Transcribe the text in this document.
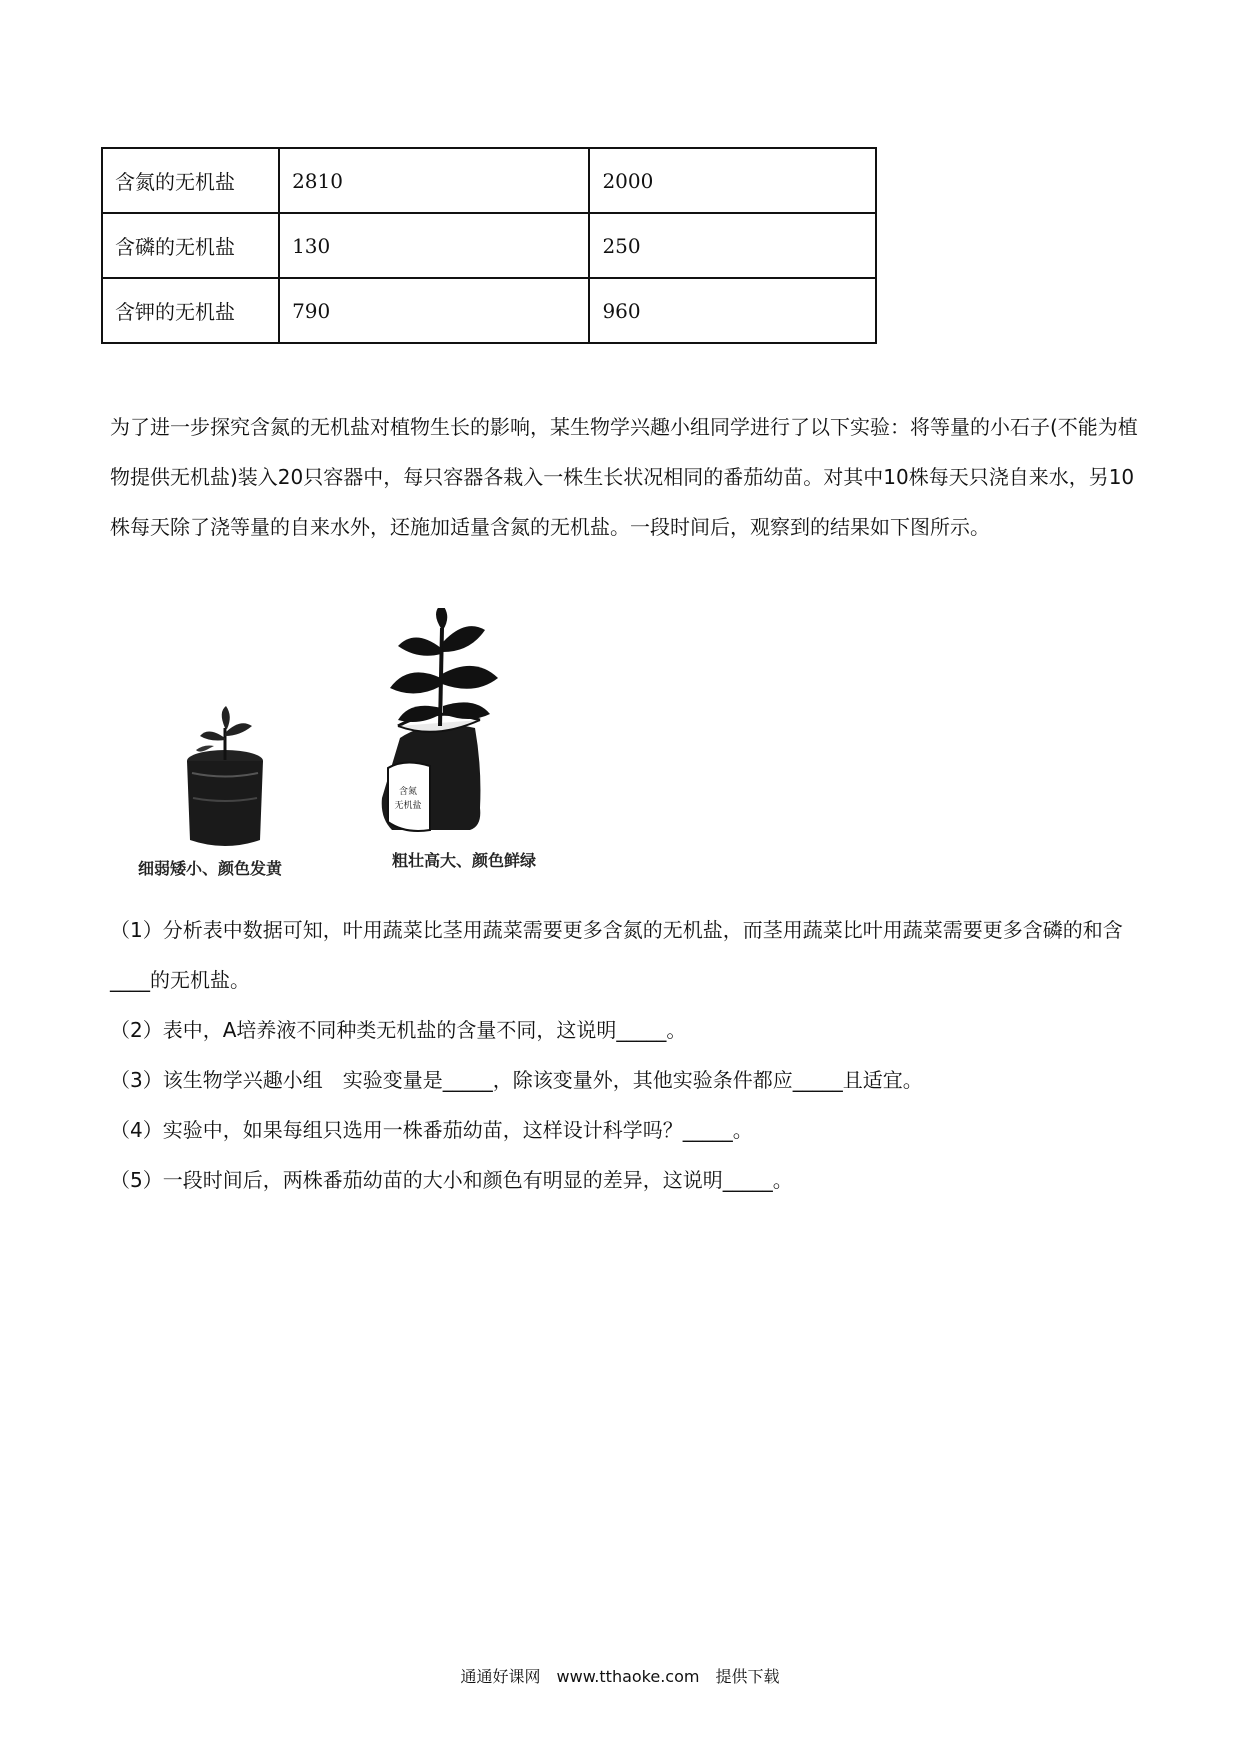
含氮的无机盐	2810	2000
含磷的无机盐	130	250
含钾的无机盐	790	960
为了进一步探究含氮的无机盐对植物生长的影响，某生物学兴趣小组同学进行了以下实验：将等量的小石子(不能为植物提供无机盐)装入20只容器中，每只容器各栽入一株生长状况相同的番茄幼苗。对其中10株每天只浇自来水，另10株每天除了浇等量的自来水外，还施加适量含氮的无机盐。一段时间后，观察到的结果如下图所示。
含氮
无机盐
细弱矮小、颜色发黄	粗壮高大、颜色鲜绿
（1）分析表中数据可知，叶用蔬菜比茎用蔬菜需要更多含氮的无机盐，而茎用蔬菜比叶用蔬菜需要更多含磷的和含____的无机盐。
（2）表中，A培养液不同种类无机盐的含量不同，这说明_____。
（3）该生物学兴趣小组　实验变量是_____，除该变量外，其他实验条件都应_____且适宜。
（4）实验中，如果每组只选用一株番茄幼苗，这样设计科学吗？_____。
（5）一段时间后，两株番茄幼苗的大小和颜色有明显的差异，这说明_____。
通通好课网　www.tthaoke.com　提供下载
